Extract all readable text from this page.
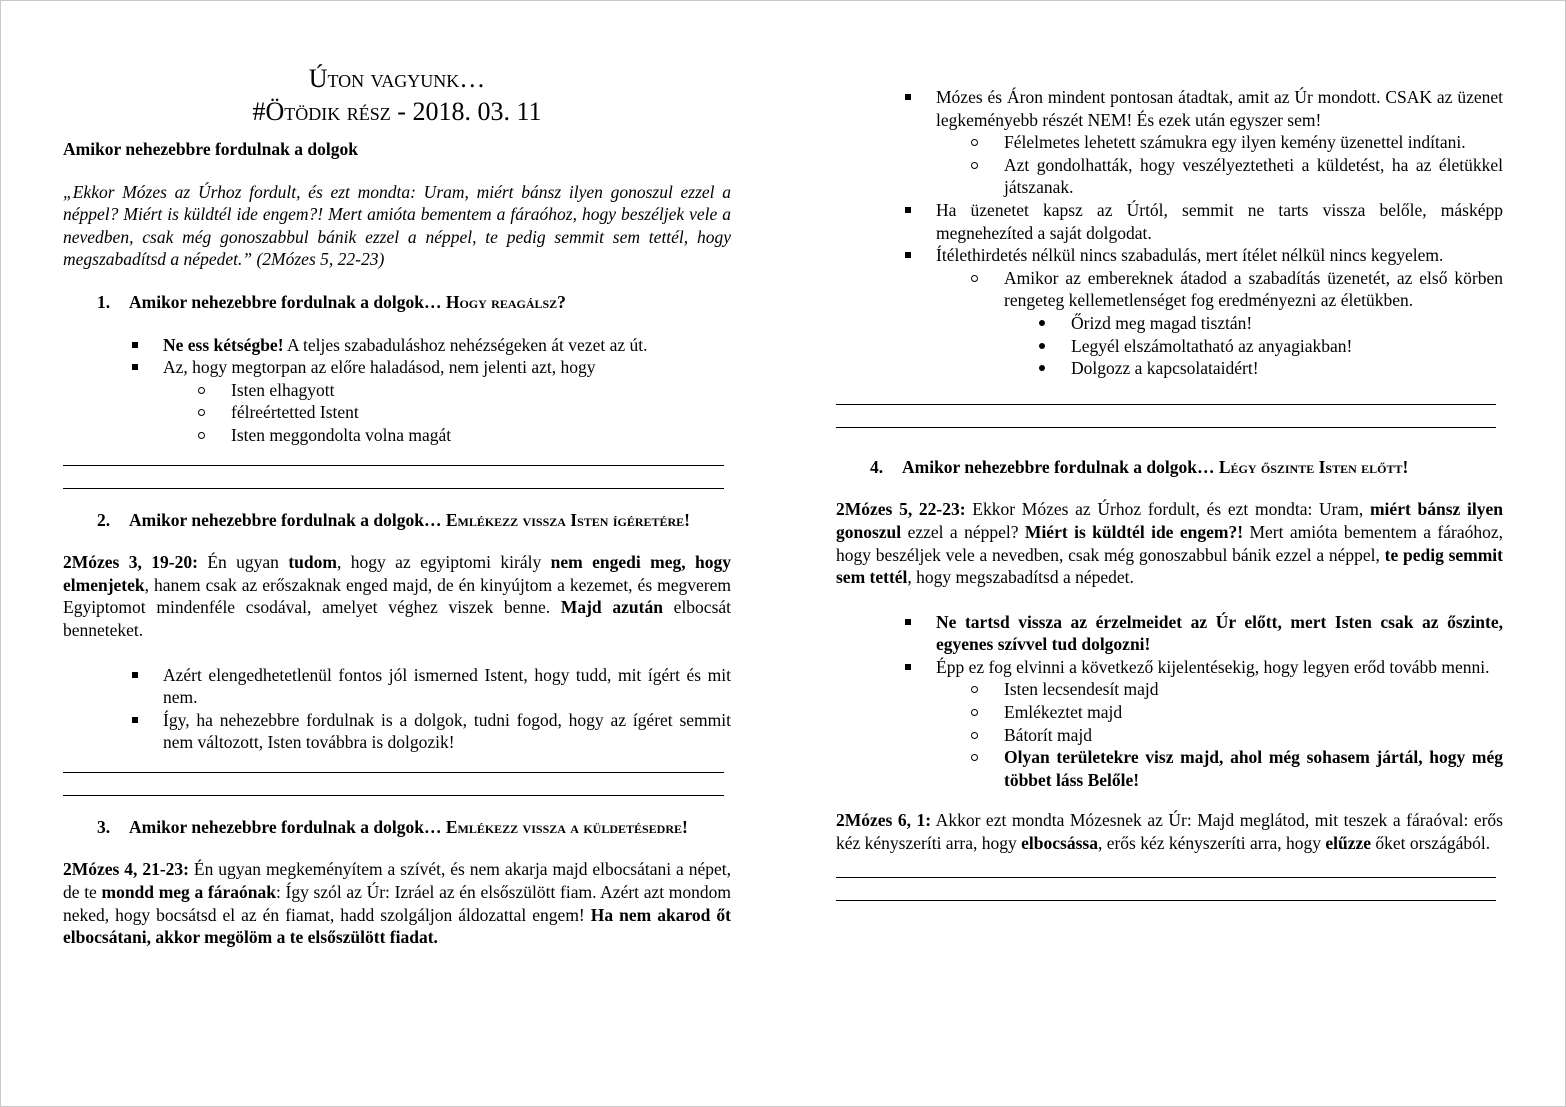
Úton vagyunk…
#Ötödik rész - 2018. 03. 11
Amikor nehezebbre fordulnak a dolgok
„Ekkor Mózes az Úrhoz fordult, és ezt mondta: Uram, miért bánsz ilyen gonoszul ezzel a néppel? Miért is küldtél ide engem?! Mert amióta bementem a fáraóhoz, hogy beszéljek vele a nevedben, csak még gonoszabbul bánik ezzel a néppel, te pedig semmit sem tettél, hogy megszabadítsd a népedet.” (2Mózes 5, 22-23)
1.	Amikor nehezebbre fordulnak a dolgok… Hogy reagálsz?
Ne ess kétségbe! A teljes szabaduláshoz nehézségeken át vezet az út.
Az, hogy megtorpan az előre haladásod, nem jelenti azt, hogy
Isten elhagyott
félreértetted Istent
Isten meggondolta volna magát
2.	Amikor nehezebbre fordulnak a dolgok… Emlékezz vissza Isten ígéretére!
2Mózes 3, 19-20: Én ugyan tudom, hogy az egyiptomi király nem engedi meg, hogy elmenjetek, hanem csak az erőszaknak enged majd, de én kinyújtom a kezemet, és megverem Egyiptomot mindenféle csodával, amelyet véghez viszek benne. Majd azután elbocsát benneteket.
Azért elengedhetetlenül fontos jól ismerned Istent, hogy tudd, mit ígért és mit nem.
Így, ha nehezebbre fordulnak is a dolgok, tudni fogod, hogy az ígéret semmit nem változott, Isten továbbra is dolgozik!
3.	Amikor nehezebbre fordulnak a dolgok… Emlékezz vissza a küldetésedre!
2Mózes 4, 21-23: Én ugyan megkeményítem a szívét, és nem akarja majd elbocsátani a népet, de te mondd meg a fáraónak: Így szól az Úr: Izráel az én elsőszülött fiam. Azért azt mondom neked, hogy bocsátsd el az én fiamat, hadd szolgáljon áldozattal engem! Ha nem akarod őt elbocsátani, akkor megölöm a te elsőszülött fiadat.
Mózes és Áron mindent pontosan átadtak, amit az Úr mondott. CSAK az üzenet legkeményebb részét NEM! És ezek után egyszer sem!
Félelmetes lehetett számukra egy ilyen kemény üzenettel indítani.
Azt gondolhatták, hogy veszélyeztetheti a küldetést, ha az életükkel játszanak.
Ha üzenetet kapsz az Úrtól, semmit ne tarts vissza belőle, másképp megnehezíted a saját dolgodat.
Ítélethirdetés nélkül nincs szabadulás, mert ítélet nélkül nincs kegyelem.
Amikor az embereknek átadod a szabadítás üzenetét, az első körben rengeteg kellemetlenséget fog eredményezni az életükben.
Őrizd meg magad tisztán!
Legyél elszámoltatható az anyagiakban!
Dolgozz a kapcsolataidért!
4.	Amikor nehezebbre fordulnak a dolgok… Légy őszinte Isten előtt!
2Mózes 5, 22-23: Ekkor Mózes az Úrhoz fordult, és ezt mondta: Uram, miért bánsz ilyen gonoszul ezzel a néppel? Miért is küldtél ide engem?! Mert amióta bementem a fáraóhoz, hogy beszéljek vele a nevedben, csak még gonoszabbul bánik ezzel a néppel, te pedig semmit sem tettél, hogy megszabadítsd a népedet.
Ne tartsd vissza az érzelmeidet az Úr előtt, mert Isten csak az őszinte, egyenes szívvel tud dolgozni!
Épp ez fog elvinni a következő kijelentésekig, hogy legyen erőd tovább menni.
Isten lecsendesít majd
Emlékeztet majd
Bátorít majd
Olyan területekre visz majd, ahol még sohasem jártál, hogy még többet láss Belőle!
2Mózes 6, 1: Akkor ezt mondta Mózesnek az Úr: Majd meglátod, mit teszek a fáraóval: erős kéz kényszeríti arra, hogy elbocsássa, erős kéz kényszeríti arra, hogy elűzze őket országából.
